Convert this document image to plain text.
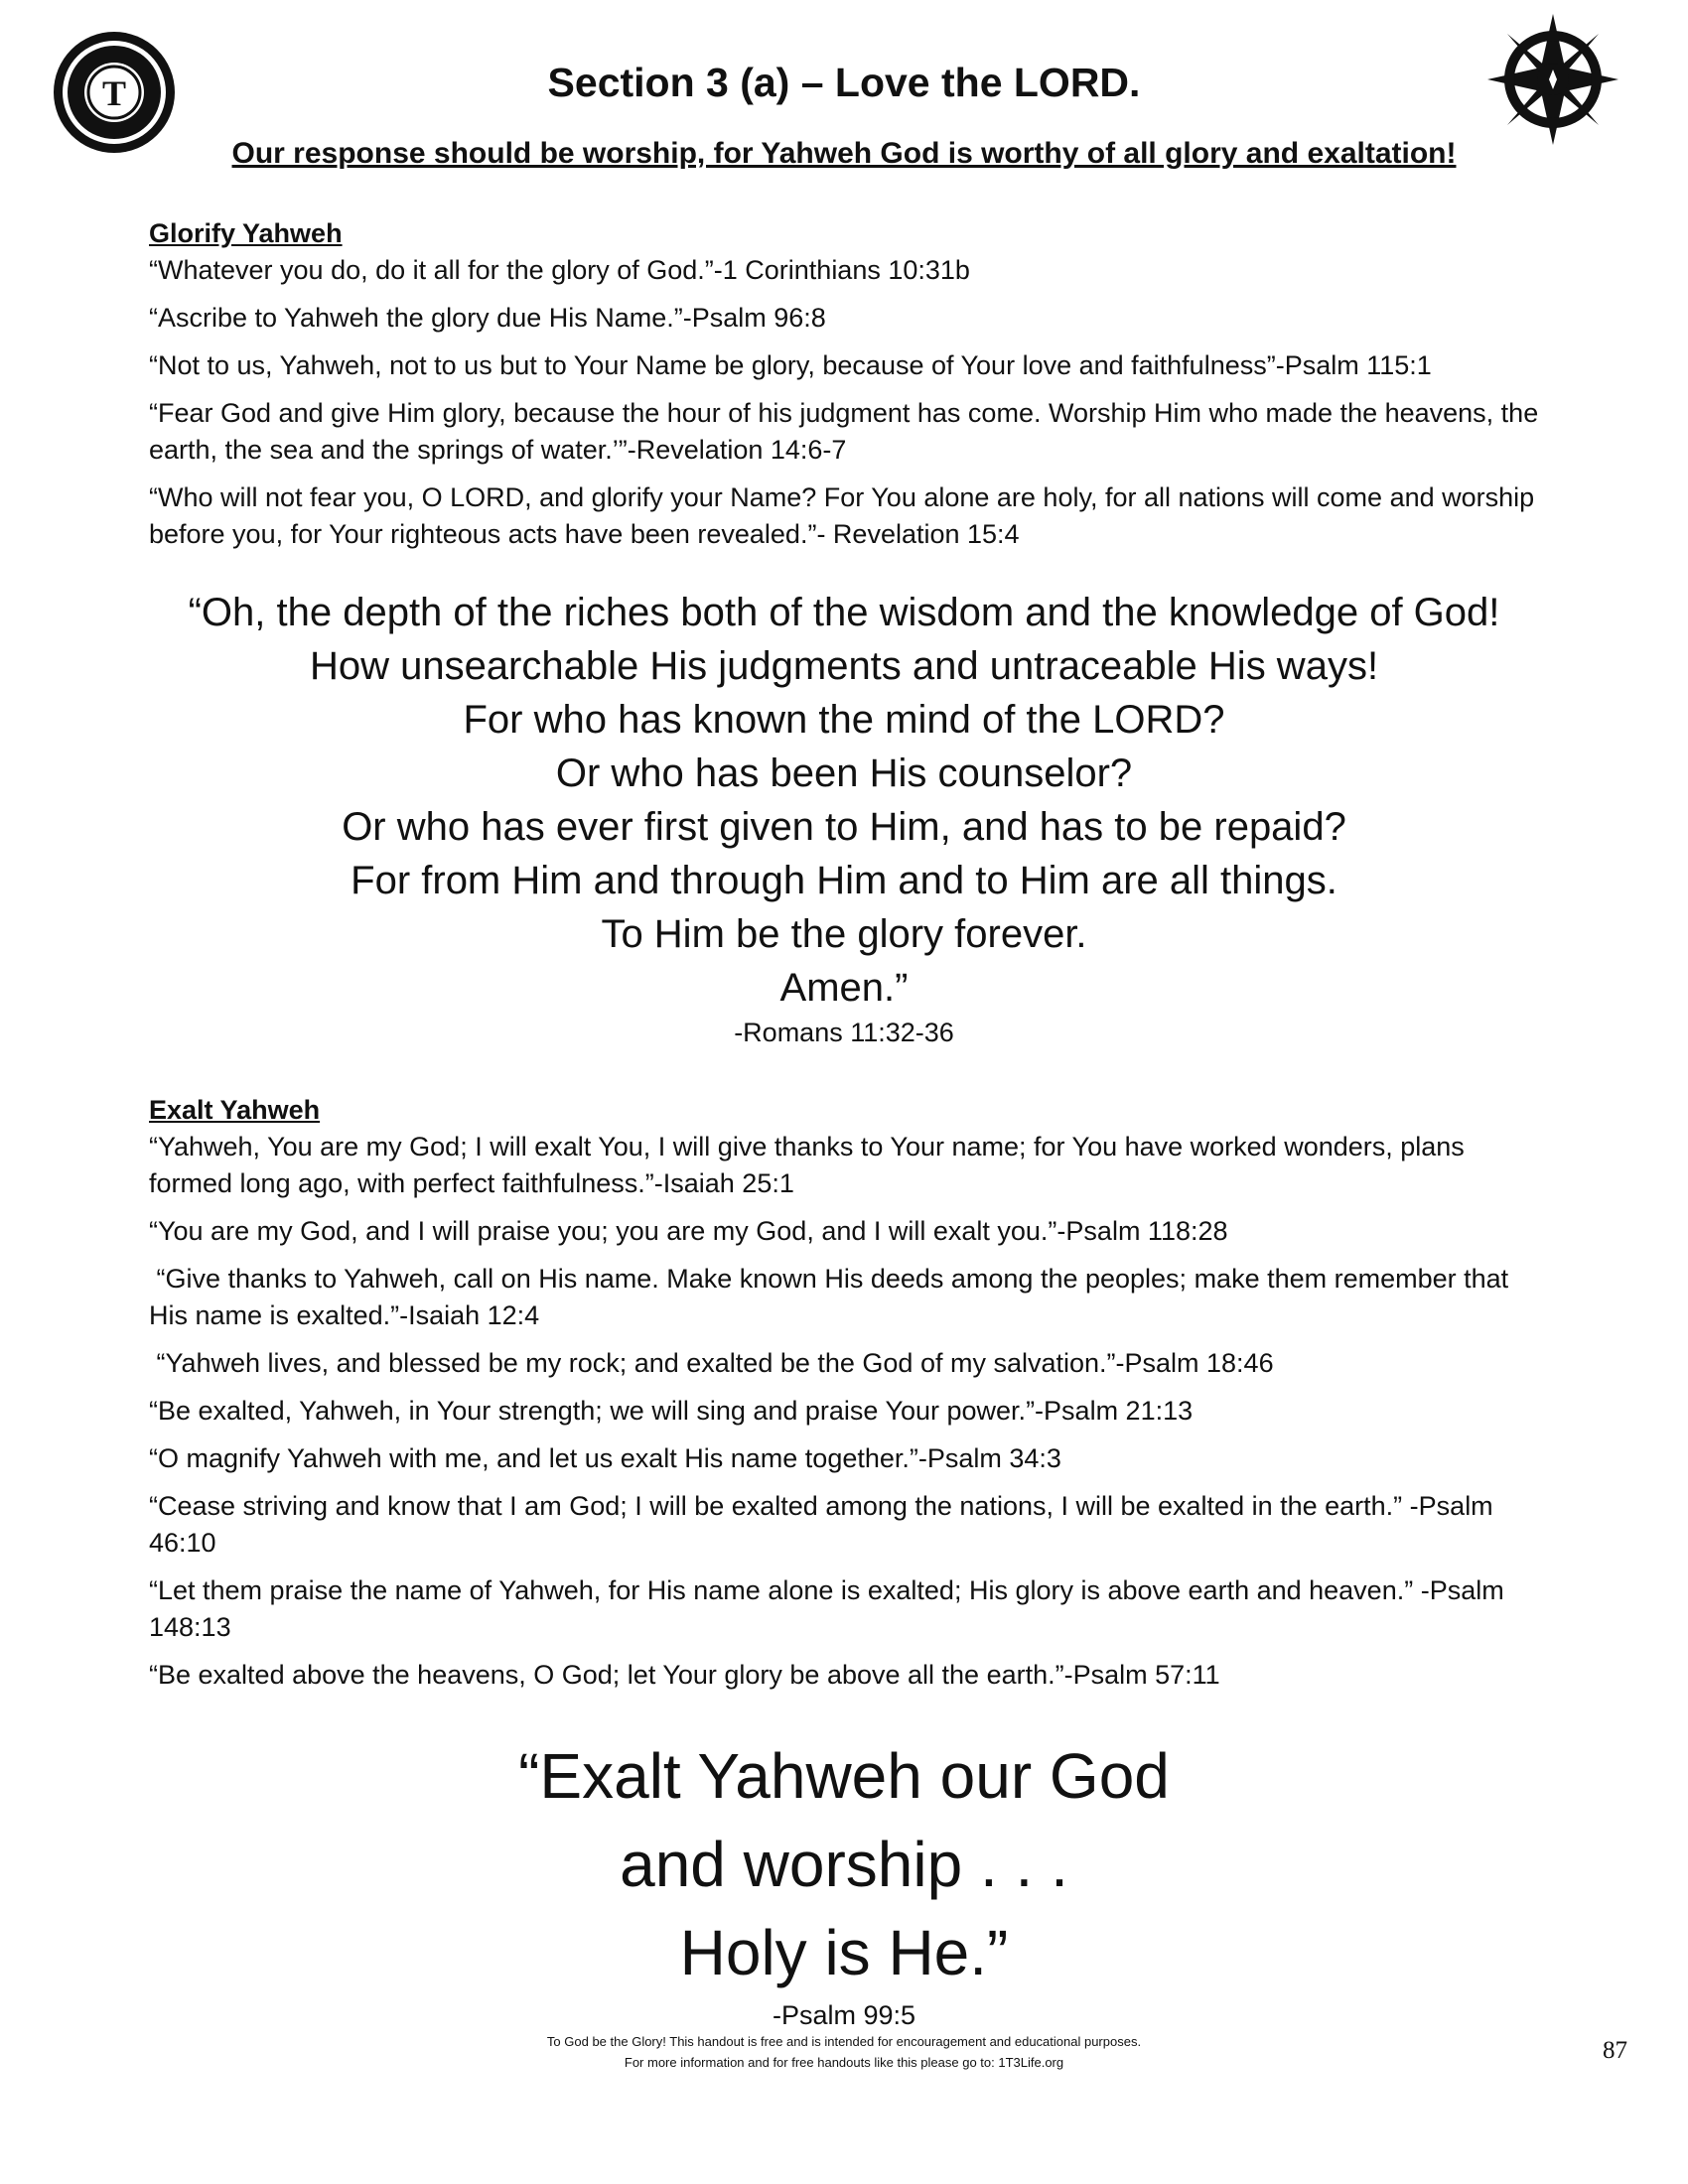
T	Section 3 (a) – Love the LORD.
Our response should be worship, for Yahweh God is worthy of all glory and exaltation!
Glorify Yahweh
“Whatever you do, do it all for the glory of God.”-1 Corinthians 10:31b
“Ascribe to Yahweh the glory due His Name.”-Psalm 96:8
“Not to us, Yahweh, not to us but to Your Name be glory, because of Your love and faithfulness”-Psalm 115:1
“Fear God and give Him glory, because the hour of his judgment has come. Worship Him who made the heavens, the earth, the sea and the springs of water.’”-Revelation 14:6-7
“Who will not fear you, O LORD, and glorify your Name? For You alone are holy, for all nations will come and worship before you, for Your righteous acts have been revealed.”- Revelation 15:4
“Oh, the depth of the riches both of the wisdom and the knowledge of God!
How unsearchable His judgments and untraceable His ways!
For who has known the mind of the LORD?
Or who has been His counselor?
Or who has ever first given to Him, and has to be repaid?
For from Him and through Him and to Him are all things.
To Him be the glory forever.
Amen.”
-Romans 11:32-36
Exalt Yahweh
“Yahweh, You are my God; I will exalt You, I will give thanks to Your name; for You have worked wonders, plans formed long ago, with perfect faithfulness.”-Isaiah 25:1
“You are my God, and I will praise you; you are my God, and I will exalt you.”-Psalm 118:28
“Give thanks to Yahweh, call on His name. Make known His deeds among the peoples; make them remember that His name is exalted.”-Isaiah 12:4
“Yahweh lives, and blessed be my rock; and exalted be the God of my salvation.”-Psalm 18:46
“Be exalted, Yahweh, in Your strength; we will sing and praise Your power.”-Psalm 21:13
“O magnify Yahweh with me, and let us exalt His name together.”-Psalm 34:3
“Cease striving and know that I am God; I will be exalted among the nations, I will be exalted in the earth.” -Psalm 46:10
“Let them praise the name of Yahweh, for His name alone is exalted; His glory is above earth and heaven.” -Psalm 148:13
“Be exalted above the heavens, O God; let Your glory be above all the earth.”-Psalm 57:11
“Exalt Yahweh our God
and worship . . .
Holy is He.”
-Psalm 99:5
To God be the Glory! This handout is free and is intended for encouragement and educational purposes.
For more information and for free handouts like this please go to: 1T3Life.org	87
